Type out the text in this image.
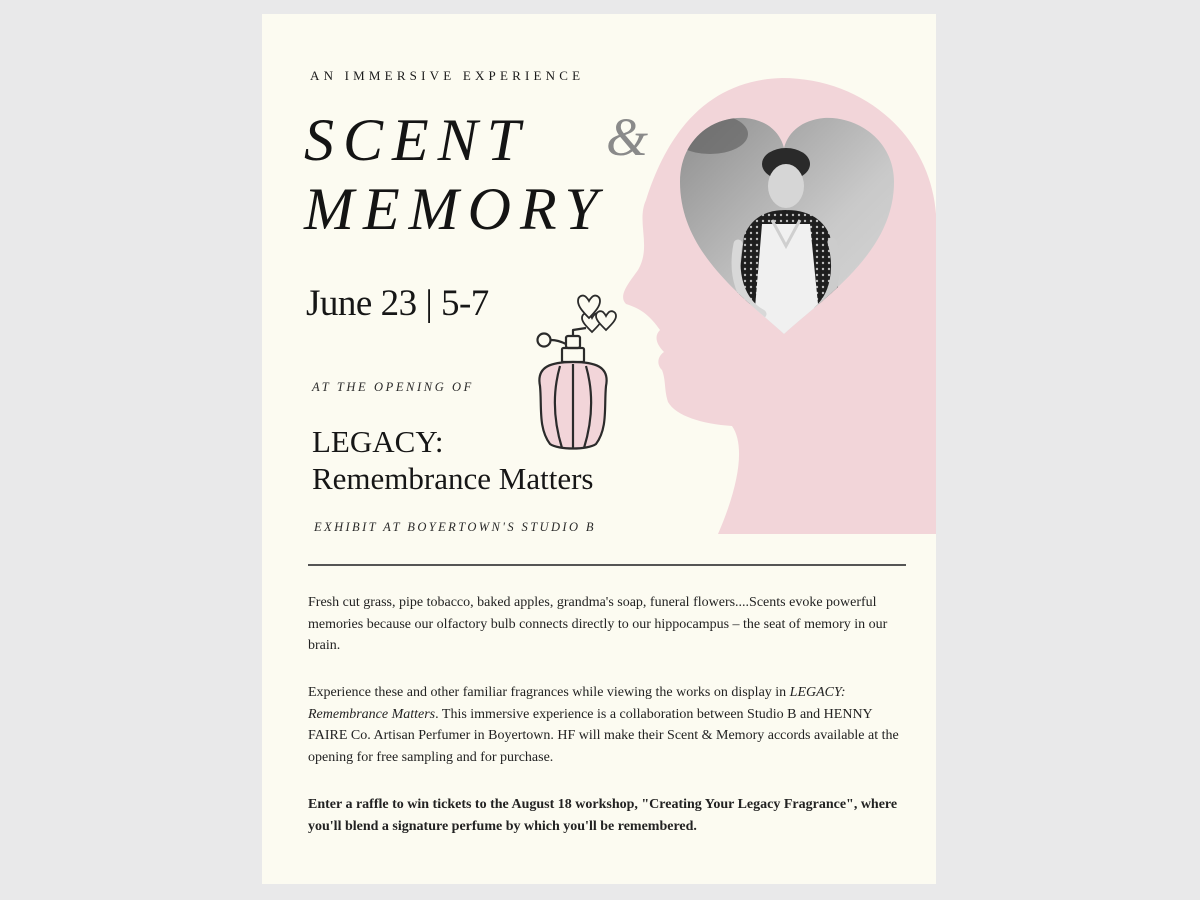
AN IMMERSIVE EXPERIENCE
SCENT &
MEMORY
June 23 | 5-7
AT THE OPENING OF
LEGACY:
Remembrance Matters
EXHIBIT AT BOYERTOWN'S STUDIO B
Fresh cut grass, pipe tobacco, baked apples, grandma's soap, funeral flowers....Scents evoke powerful memories because our olfactory bulb connects directly to our hippocampus – the seat of memory in our brain.
Experience these and other familiar fragrances while viewing the works on display in LEGACY: Remembrance Matters. This immersive experience is a collaboration between Studio B and HENNY FAIRE Co. Artisan Perfumer in Boyertown. HF will make their Scent & Memory accords available at the opening for free sampling and for purchase.
Enter a raffle to win tickets to the August 18 workshop, "Creating Your Legacy Fragrance", where you'll blend a signature perfume by which you'll be remembered.
